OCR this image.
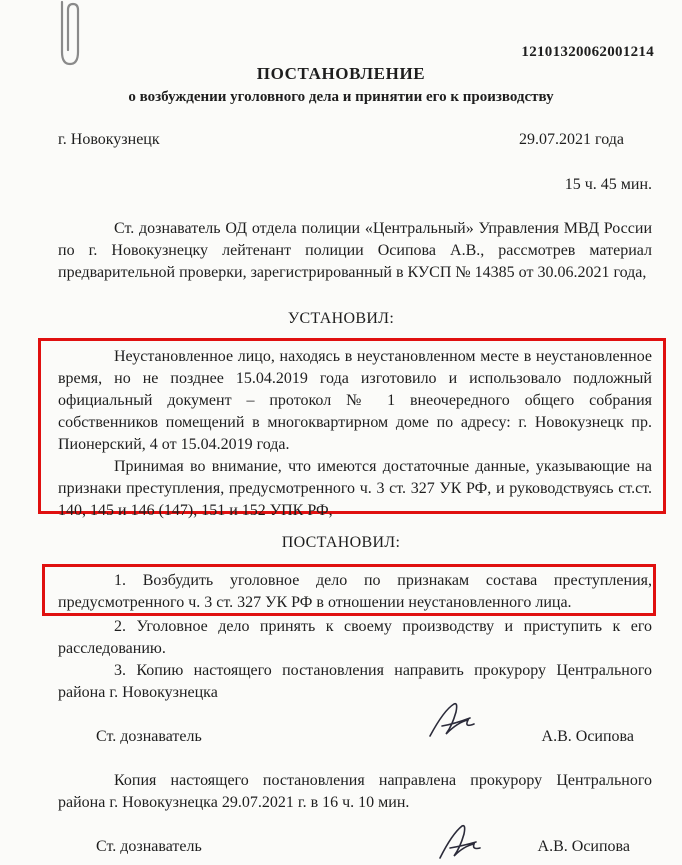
12101320062001214
ПОСТАНОВЛЕНИЕ
о возбуждении уголовного дела и принятии его к производству
г. Новокузнецк	29.07.2021 года
15 ч. 45 мин.

Ст. дознаватель ОД отдела полиции «Центральный» Управления МВД России по г. Новокузнецку лейтенант полиции Осипова А.В., рассмотрев материал предварительной проверки, зарегистрированный в КУСП № 14385 от 30.06.2021 года,

УСТАНОВИЛ:

Неустановленное лицо, находясь в неустановленном месте в неустановленное время, но не позднее 15.04.2019 года изготовило и использовало подложный официальный документ – протокол № 1 внеочередного общего собрания собственников помещений в многоквартирном доме по адресу: г. Новокузнецк пр. Пионерский, 4 от 15.04.2019 года.

Принимая во внимание, что имеются достаточные данные, указывающие на признаки преступления, предусмотренного ч. 3 ст. 327 УК РФ, и руководствуясь ст.ст. 140, 145 и 146 (147), 151 и 152 УПК РФ,

ПОСТАНОВИЛ:

1. Возбудить уголовное дело по признакам состава преступления, предусмотренного ч. 3 ст. 327 УК РФ в отношении неустановленного лица.

2. Уголовное дело принять к своему производству и приступить к его расследованию.

3. Копию настоящего постановления направить прокурору Центрального района г. Новокузнецка

Ст. дознаватель	А.В. Осипова

Копия настоящего постановления направлена прокурору Центрального района г. Новокузнецка 29.07.2021 г. в 16 ч. 10 мин.

Ст. дознаватель	А.В. Осипова
